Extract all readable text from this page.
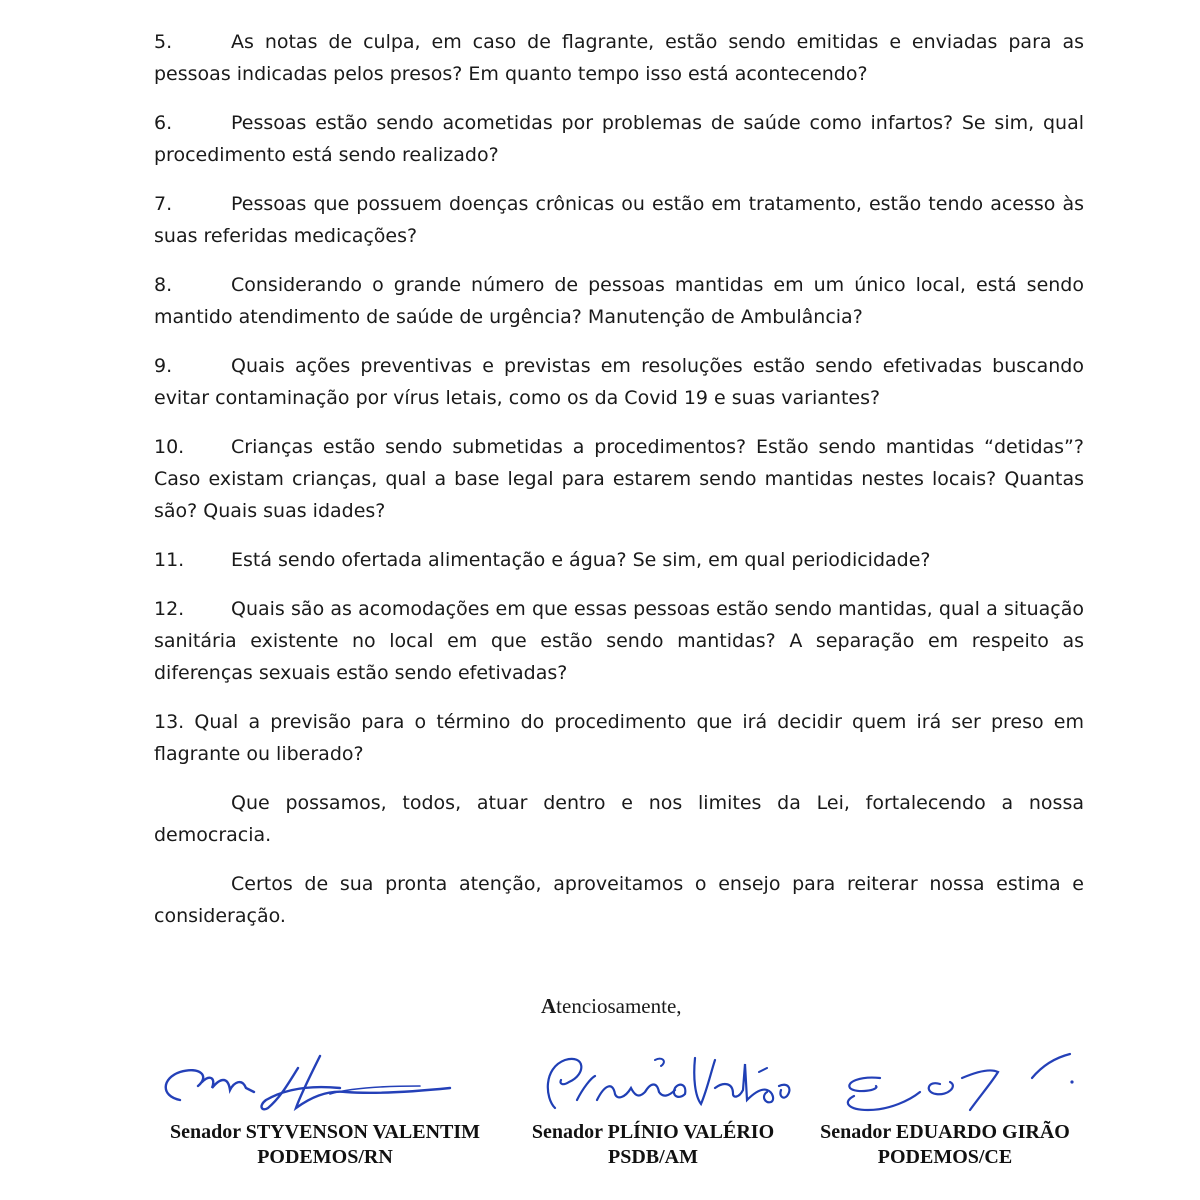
5.	As notas de culpa, em caso de flagrante, estão sendo emitidas e enviadas para as pessoas indicadas pelos presos? Em quanto tempo isso está acontecendo?

6.	Pessoas estão sendo acometidas por problemas de saúde como infartos? Se sim, qual procedimento está sendo realizado?

7.	Pessoas que possuem doenças crônicas ou estão em tratamento, estão tendo acesso às suas referidas medicações?

8.	Considerando o grande número de pessoas mantidas em um único local, está sendo mantido atendimento de saúde de urgência? Manutenção de Ambulância?

9.	Quais ações preventivas e previstas em resoluções estão sendo efetivadas buscando evitar contaminação por vírus letais, como os da Covid 19 e suas variantes?

10. Crianças estão sendo submetidas a procedimentos? Estão sendo mantidas “detidas”? Caso existam crianças, qual a base legal para estarem sendo mantidas nestes locais? Quantas são? Quais suas idades?

11. Está sendo ofertada alimentação e água? Se sim, em qual periodicidade?

12. Quais são as acomodações em que essas pessoas estão sendo mantidas, qual a situação sanitária existente no local em que estão sendo mantidas? A separação em respeito as diferenças sexuais estão sendo efetivadas?

13. Qual a previsão para o término do procedimento que irá decidir quem irá ser preso em flagrante ou liberado?

Que possamos, todos, atuar dentro e nos limites da Lei, fortalecendo a nossa democracia.

Certos de sua pronta atenção, aproveitamos o ensejo para reiterar nossa estima e consideração.

Atenciosamente,
Senador STYVENSON VALENTIM
PODEMOS/RN
Senador PLÍNIO VALÉRIO
PSDB/AM
Senador EDUARDO GIRÃO
PODEMOS/CE
